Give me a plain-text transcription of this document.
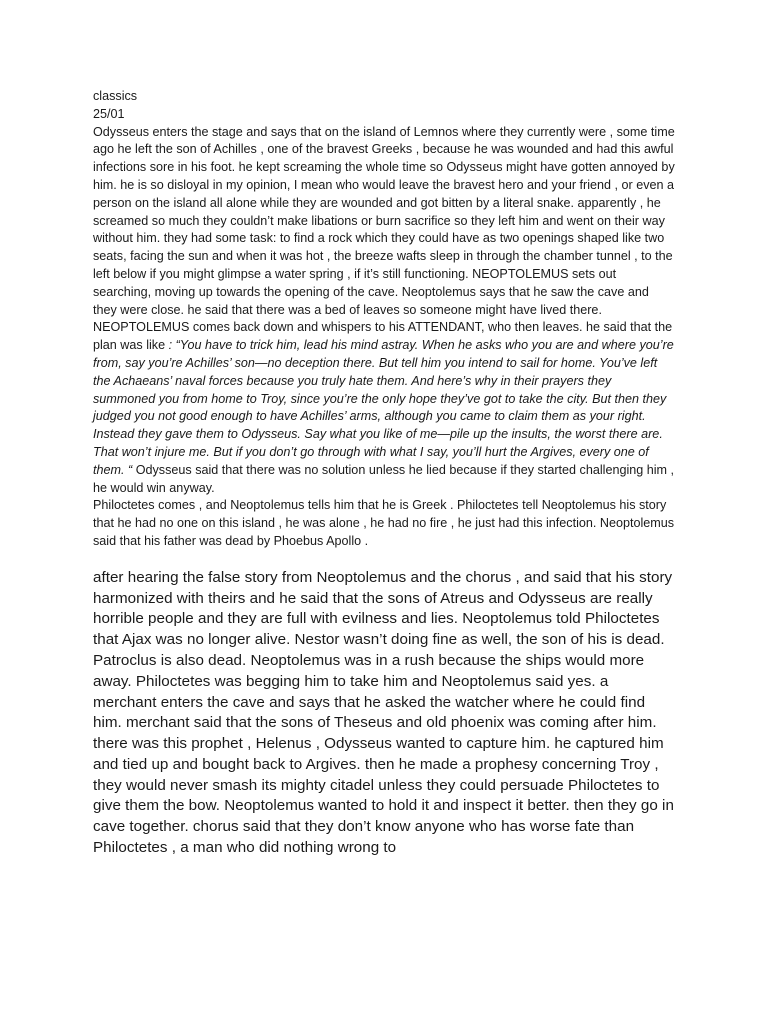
classics
25/01

Odysseus enters the stage and says that on the island of Lemnos where they currently were , some time ago he left the son of Achilles , one of the bravest Greeks , because he was wounded and had this awful infections sore in his foot. he kept screaming the whole time so Odysseus might have gotten annoyed by him. he is so disloyal in my opinion, I mean who would leave the bravest hero and your friend , or even a person on the island all alone while they are wounded and got bitten by a literal snake. apparently , he screamed so much they couldn’t make libations or burn sacrifice so they left him and went on their way without him. they had some task: to find a rock which they could have as two openings shaped like two seats, facing the sun and when it was hot , the breeze wafts sleep in through the chamber tunnel , to the left below if you might glimpse a water spring , if it’s still functioning. NEOPTOLEMUS sets out searching, moving up towards the opening of the cave. Neoptolemus says that he saw the cave and they were close. he said that there was a bed of leaves so someone might have lived there. NEOPTOLEMUS comes back down and whispers to his ATTENDANT, who then leaves. he said that the plan was like : “You have to trick him, lead his mind astray. When he asks who you are and where you’re from, say you’re Achilles’ son—no deception there. But tell him you intend to sail for home. You’ve left the Achaeans’ naval forces because you truly hate them. And here’s why in their prayers they summoned you from home to Troy, since you’re the only hope they’ve got to take the city. But then they judged you not good enough to have Achilles’ arms, although you came to claim them as your right. Instead they gave them to Odysseus. Say what you like of me—pile up the insults, the worst there are. That won’t injure me. But if you don’t go through with what I say, you’ll hurt the Argives, every one of them. “ Odysseus said that there was no solution unless he lied because if they started challenging him , he would win anyway.

Philoctetes comes , and Neoptolemus tells him that he is Greek . Philoctetes tell Neoptolemus his story that he had no one on this island , he was alone , he had no fire , he just had this infection. Neoptolemus said that his father was dead by Phoebus Apollo .

after hearing the false story from Neoptolemus and the chorus , and said that his story harmonized with theirs and he said that the sons of Atreus and Odysseus are really horrible people and they are full with evilness and lies. Neoptolemus told Philoctetes that Ajax was no longer alive. Nestor wasn’t doing fine as well, the son of his is dead. Patroclus is also dead. Neoptolemus was in a rush because the ships would more away. Philoctetes was begging him to take him and Neoptolemus said yes. a merchant enters the cave and says that he asked the watcher where he could find him. merchant said that the sons of Theseus and old phoenix was coming after him. there was this prophet , Helenus , Odysseus wanted to capture him. he captured him and tied up and bought back to Argives. then he made a prophesy concerning Troy , they would never smash its mighty citadel unless they could persuade Philoctetes to give them the bow. Neoptolemus wanted to hold it and inspect it better. then they go in cave together. chorus said that they don’t know anyone who has worse fate than Philoctetes , a man who did nothing wrong to
